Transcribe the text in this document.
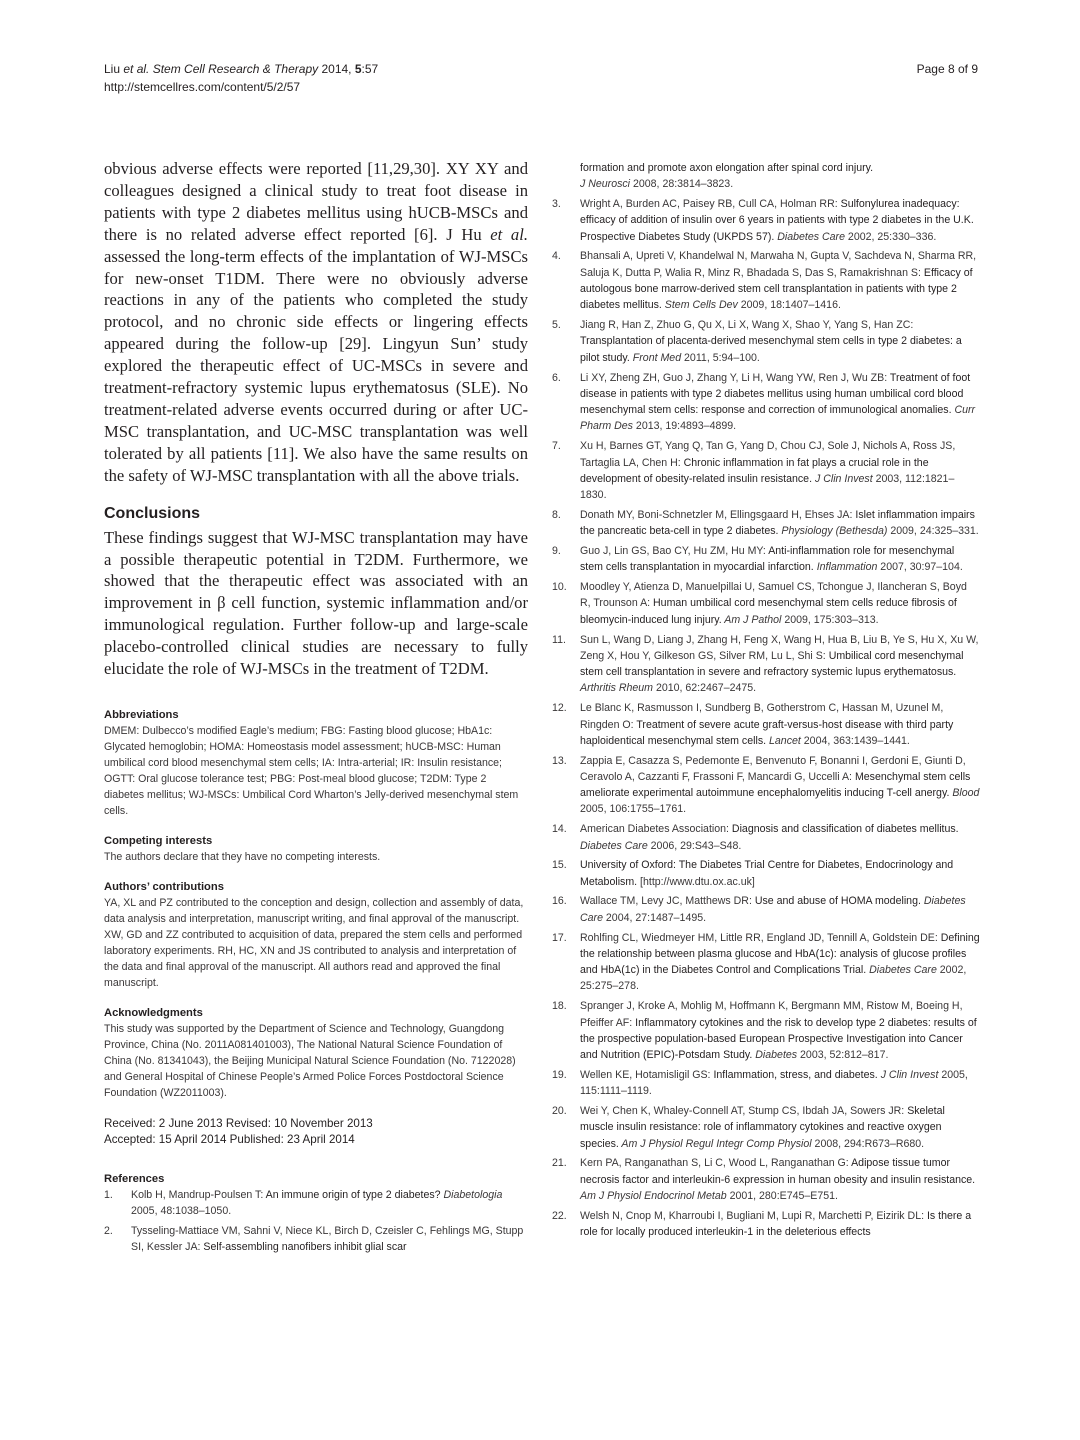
Liu et al. Stem Cell Research & Therapy 2014, 5:57
http://stemcellres.com/content/5/2/57
Page 8 of 9

obvious adverse effects were reported [11,29,30]. XY XY and colleagues designed a clinical study to treat foot disease in patients with type 2 diabetes mellitus using hUCB-MSCs and there is no related adverse effect reported [6]. J Hu et al. assessed the long-term effects of the implantation of WJ-MSCs for new-onset T1DM. There were no obviously adverse reactions in any of the patients who completed the study protocol, and no chronic side effects or lingering effects appeared during the follow-up [29]. Lingyun Sun’ study explored the therapeutic effect of UC-MSCs in severe and treatment-refractory systemic lupus erythematosus (SLE). No treatment-related adverse events occurred during or after UC-MSC transplantation, and UC-MSC transplantation was well tolerated by all patients [11]. We also have the same results on the safety of WJ-MSC transplantation with all the above trials.

Conclusions

These findings suggest that WJ-MSC transplantation may have a possible therapeutic potential in T2DM. Furthermore, we showed that the therapeutic effect was associated with an improvement in β cell function, systemic inflammation and/or immunological regulation. Further follow-up and large-scale placebo-controlled clinical studies are necessary to fully elucidate the role of WJ-MSCs in the treatment of T2DM.

Abbreviations

DMEM: Dulbecco’s modified Eagle’s medium; FBG: Fasting blood glucose; HbA1c: Glycated hemoglobin; HOMA: Homeostasis model assessment; hUCB-MSC: Human umbilical cord blood mesenchymal stem cells; IA: Intra-arterial; IR: Insulin resistance; OGTT: Oral glucose tolerance test; PBG: Post-meal blood glucose; T2DM: Type 2 diabetes mellitus; WJ-MSCs: Umbilical Cord Wharton’s Jelly-derived mesenchymal stem cells.

Competing interests

The authors declare that they have no competing interests.

Authors’ contributions

YA, XL and PZ contributed to the conception and design, collection and assembly of data, data analysis and interpretation, manuscript writing, and final approval of the manuscript. XW, GD and ZZ contributed to acquisition of data, prepared the stem cells and performed laboratory experiments. RH, HC, XN and JS contributed to analysis and interpretation of the data and final approval of the manuscript. All authors read and approved the final manuscript.

Acknowledgments

This study was supported by the Department of Science and Technology, Guangdong Province, China (No. 2011A081401003), The National Natural Science Foundation of China (No. 81341043), the Beijing Municipal Natural Science Foundation (No. 7122028) and General Hospital of Chinese People’s Armed Police Forces Postdoctoral Science Foundation (WZ2011003).

Received: 2 June 2013 Revised: 10 November 2013
Accepted: 15 April 2014 Published: 23 April 2014

References

1. Kolb H, Mandrup-Poulsen T: An immune origin of type 2 diabetes? Diabetologia 2005, 48:1038–1050.
2. Tysseling-Mattiace VM, Sahni V, Niece KL, Birch D, Czeisler C, Fehlings MG, Stupp SI, Kessler JA: Self-assembling nanofibers inhibit glial scar
formation and promote axon elongation after spinal cord injury.
J Neurosci 2008, 28:3814–3823.
3. Wright A, Burden AC, Paisey RB, Cull CA, Holman RR: Sulfonylurea inadequacy: efficacy of addition of insulin over 6 years in patients with type 2 diabetes in the U.K. Prospective Diabetes Study (UKPDS 57). Diabetes Care 2002, 25:330–336.
4. Bhansali A, Upreti V, Khandelwal N, Marwaha N, Gupta V, Sachdeva N, Sharma RR, Saluja K, Dutta P, Walia R, Minz R, Bhadada S, Das S, Ramakrishnan S: Efficacy of autologous bone marrow-derived stem cell transplantation in patients with type 2 diabetes mellitus. Stem Cells Dev 2009, 18:1407–1416.
5. Jiang R, Han Z, Zhuo G, Qu X, Li X, Wang X, Shao Y, Yang S, Han ZC: Transplantation of placenta-derived mesenchymal stem cells in type 2 diabetes: a pilot study. Front Med 2011, 5:94–100.
6. Li XY, Zheng ZH, Guo J, Zhang Y, Li H, Wang YW, Ren J, Wu ZB: Treatment of foot disease in patients with type 2 diabetes mellitus using human umbilical cord blood mesenchymal stem cells: response and correction of immunological anomalies. Curr Pharm Des 2013, 19:4893–4899.
7. Xu H, Barnes GT, Yang Q, Tan G, Yang D, Chou CJ, Sole J, Nichols A, Ross JS, Tartaglia LA, Chen H: Chronic inflammation in fat plays a crucial role in the development of obesity-related insulin resistance. J Clin Invest 2003, 112:1821–1830.
8. Donath MY, Boni-Schnetzler M, Ellingsgaard H, Ehses JA: Islet inflammation impairs the pancreatic beta-cell in type 2 diabetes. Physiology (Bethesda) 2009, 24:325–331.
9. Guo J, Lin GS, Bao CY, Hu ZM, Hu MY: Anti-inflammation role for mesenchymal stem cells transplantation in myocardial infarction. Inflammation 2007, 30:97–104.
10. Moodley Y, Atienza D, Manuelpillai U, Samuel CS, Tchongue J, Ilancheran S, Boyd R, Trounson A: Human umbilical cord mesenchymal stem cells reduce fibrosis of bleomycin-induced lung injury. Am J Pathol 2009, 175:303–313.
11. Sun L, Wang D, Liang J, Zhang H, Feng X, Wang H, Hua B, Liu B, Ye S, Hu X, Xu W, Zeng X, Hou Y, Gilkeson GS, Silver RM, Lu L, Shi S: Umbilical cord mesenchymal stem cell transplantation in severe and refractory systemic lupus erythematosus. Arthritis Rheum 2010, 62:2467–2475.
12. Le Blanc K, Rasmusson I, Sundberg B, Gotherstrom C, Hassan M, Uzunel M, Ringden O: Treatment of severe acute graft-versus-host disease with third party haploidentical mesenchymal stem cells. Lancet 2004, 363:1439–1441.
13. Zappia E, Casazza S, Pedemonte E, Benvenuto F, Bonanni I, Gerdoni E, Giunti D, Ceravolo A, Cazzanti F, Frassoni F, Mancardi G, Uccelli A: Mesenchymal stem cells ameliorate experimental autoimmune encephalomyelitis inducing T-cell anergy. Blood 2005, 106:1755–1761.
14. American Diabetes Association: Diagnosis and classification of diabetes mellitus. Diabetes Care 2006, 29:S43–S48.
15. University of Oxford: The Diabetes Trial Centre for Diabetes, Endocrinology and Metabolism. [http://www.dtu.ox.ac.uk]
16. Wallace TM, Levy JC, Matthews DR: Use and abuse of HOMA modeling. Diabetes Care 2004, 27:1487–1495.
17. Rohlfing CL, Wiedmeyer HM, Little RR, England JD, Tennill A, Goldstein DE: Defining the relationship between plasma glucose and HbA(1c): analysis of glucose profiles and HbA(1c) in the Diabetes Control and Complications Trial. Diabetes Care 2002, 25:275–278.
18. Spranger J, Kroke A, Mohlig M, Hoffmann K, Bergmann MM, Ristow M, Boeing H, Pfeiffer AF: Inflammatory cytokines and the risk to develop type 2 diabetes: results of the prospective population-based European Prospective Investigation into Cancer and Nutrition (EPIC)-Potsdam Study. Diabetes 2003, 52:812–817.
19. Wellen KE, Hotamisligil GS: Inflammation, stress, and diabetes. J Clin Invest 2005, 115:1111–1119.
20. Wei Y, Chen K, Whaley-Connell AT, Stump CS, Ibdah JA, Sowers JR: Skeletal muscle insulin resistance: role of inflammatory cytokines and reactive oxygen species. Am J Physiol Regul Integr Comp Physiol 2008, 294:R673–R680.
21. Kern PA, Ranganathan S, Li C, Wood L, Ranganathan G: Adipose tissue tumor necrosis factor and interleukin-6 expression in human obesity and insulin resistance. Am J Physiol Endocrinol Metab 2001, 280:E745–E751.
22. Welsh N, Cnop M, Kharroubi I, Bugliani M, Lupi R, Marchetti P, Eizirik DL: Is there a role for locally produced interleukin-1 in the deleterious effects
